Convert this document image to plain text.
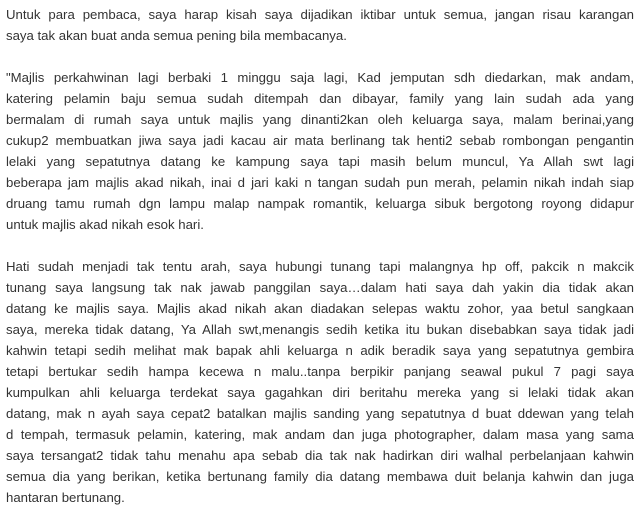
Untuk para pembaca, saya harap kisah saya dijadikan iktibar untuk semua, jangan risau karangan
saya tak akan buat anda semua pening bila membacanya.
"Majlis perkahwinan lagi berbaki 1 minggu saja lagi, Kad jemputan sdh diedarkan, mak andam,
katering pelamin baju semua sudah ditempah dan dibayar, family yang lain sudah ada yang
bermalam di rumah saya untuk majlis yang dinanti2kan oleh keluarga saya, malam berinai,yang
cukup2 membuatkan jiwa saya jadi kacau air mata berlinang tak henti2 sebab rombongan pengantin
lelaki yang sepatutnya datang ke kampung saya tapi masih belum muncul, Ya Allah swt lagi
beberapa jam majlis akad nikah, inai d jari kaki n tangan sudah pun merah, pelamin nikah indah siap
druang tamu rumah dgn lampu malap nampak romantik, keluarga sibuk bergotong royong didapur
untuk majlis akad nikah esok hari.
Hati sudah menjadi tak tentu arah, saya hubungi tunang tapi malangnya hp off, pakcik n makcik
tunang saya langsung tak nak jawab panggilan saya…dalam hati saya dah yakin dia tidak akan
datang ke majlis saya. Majlis akad nikah akan diadakan selepas waktu zohor, yaa betul sangkaan
saya, mereka tidak datang, Ya Allah swt,menangis sedih ketika itu bukan disebabkan saya tidak jadi
kahwin tetapi sedih melihat mak bapak ahli keluarga n adik beradik saya yang sepatutnya gembira
tetapi bertukar sedih hampa kecewa n malu..tanpa berpikir panjang seawal pukul 7 pagi saya
kumpulkan ahli keluarga terdekat saya gagahkan diri beritahu mereka yang si lelaki tidak akan
datang, mak n ayah saya cepat2 batalkan majlis sanding yang sepatutnya d buat ddewan yang telah
d tempah, termasuk pelamin, katering, mak andam dan juga photographer, dalam masa yang sama
saya tersangat2 tidak tahu menahu apa sebab dia tak nak hadirkan diri walhal perbelanjaan kahwin
semua dia yang berikan, ketika bertunang family dia datang membawa duit belanja kahwin dan juga
hantaran bertunang.
